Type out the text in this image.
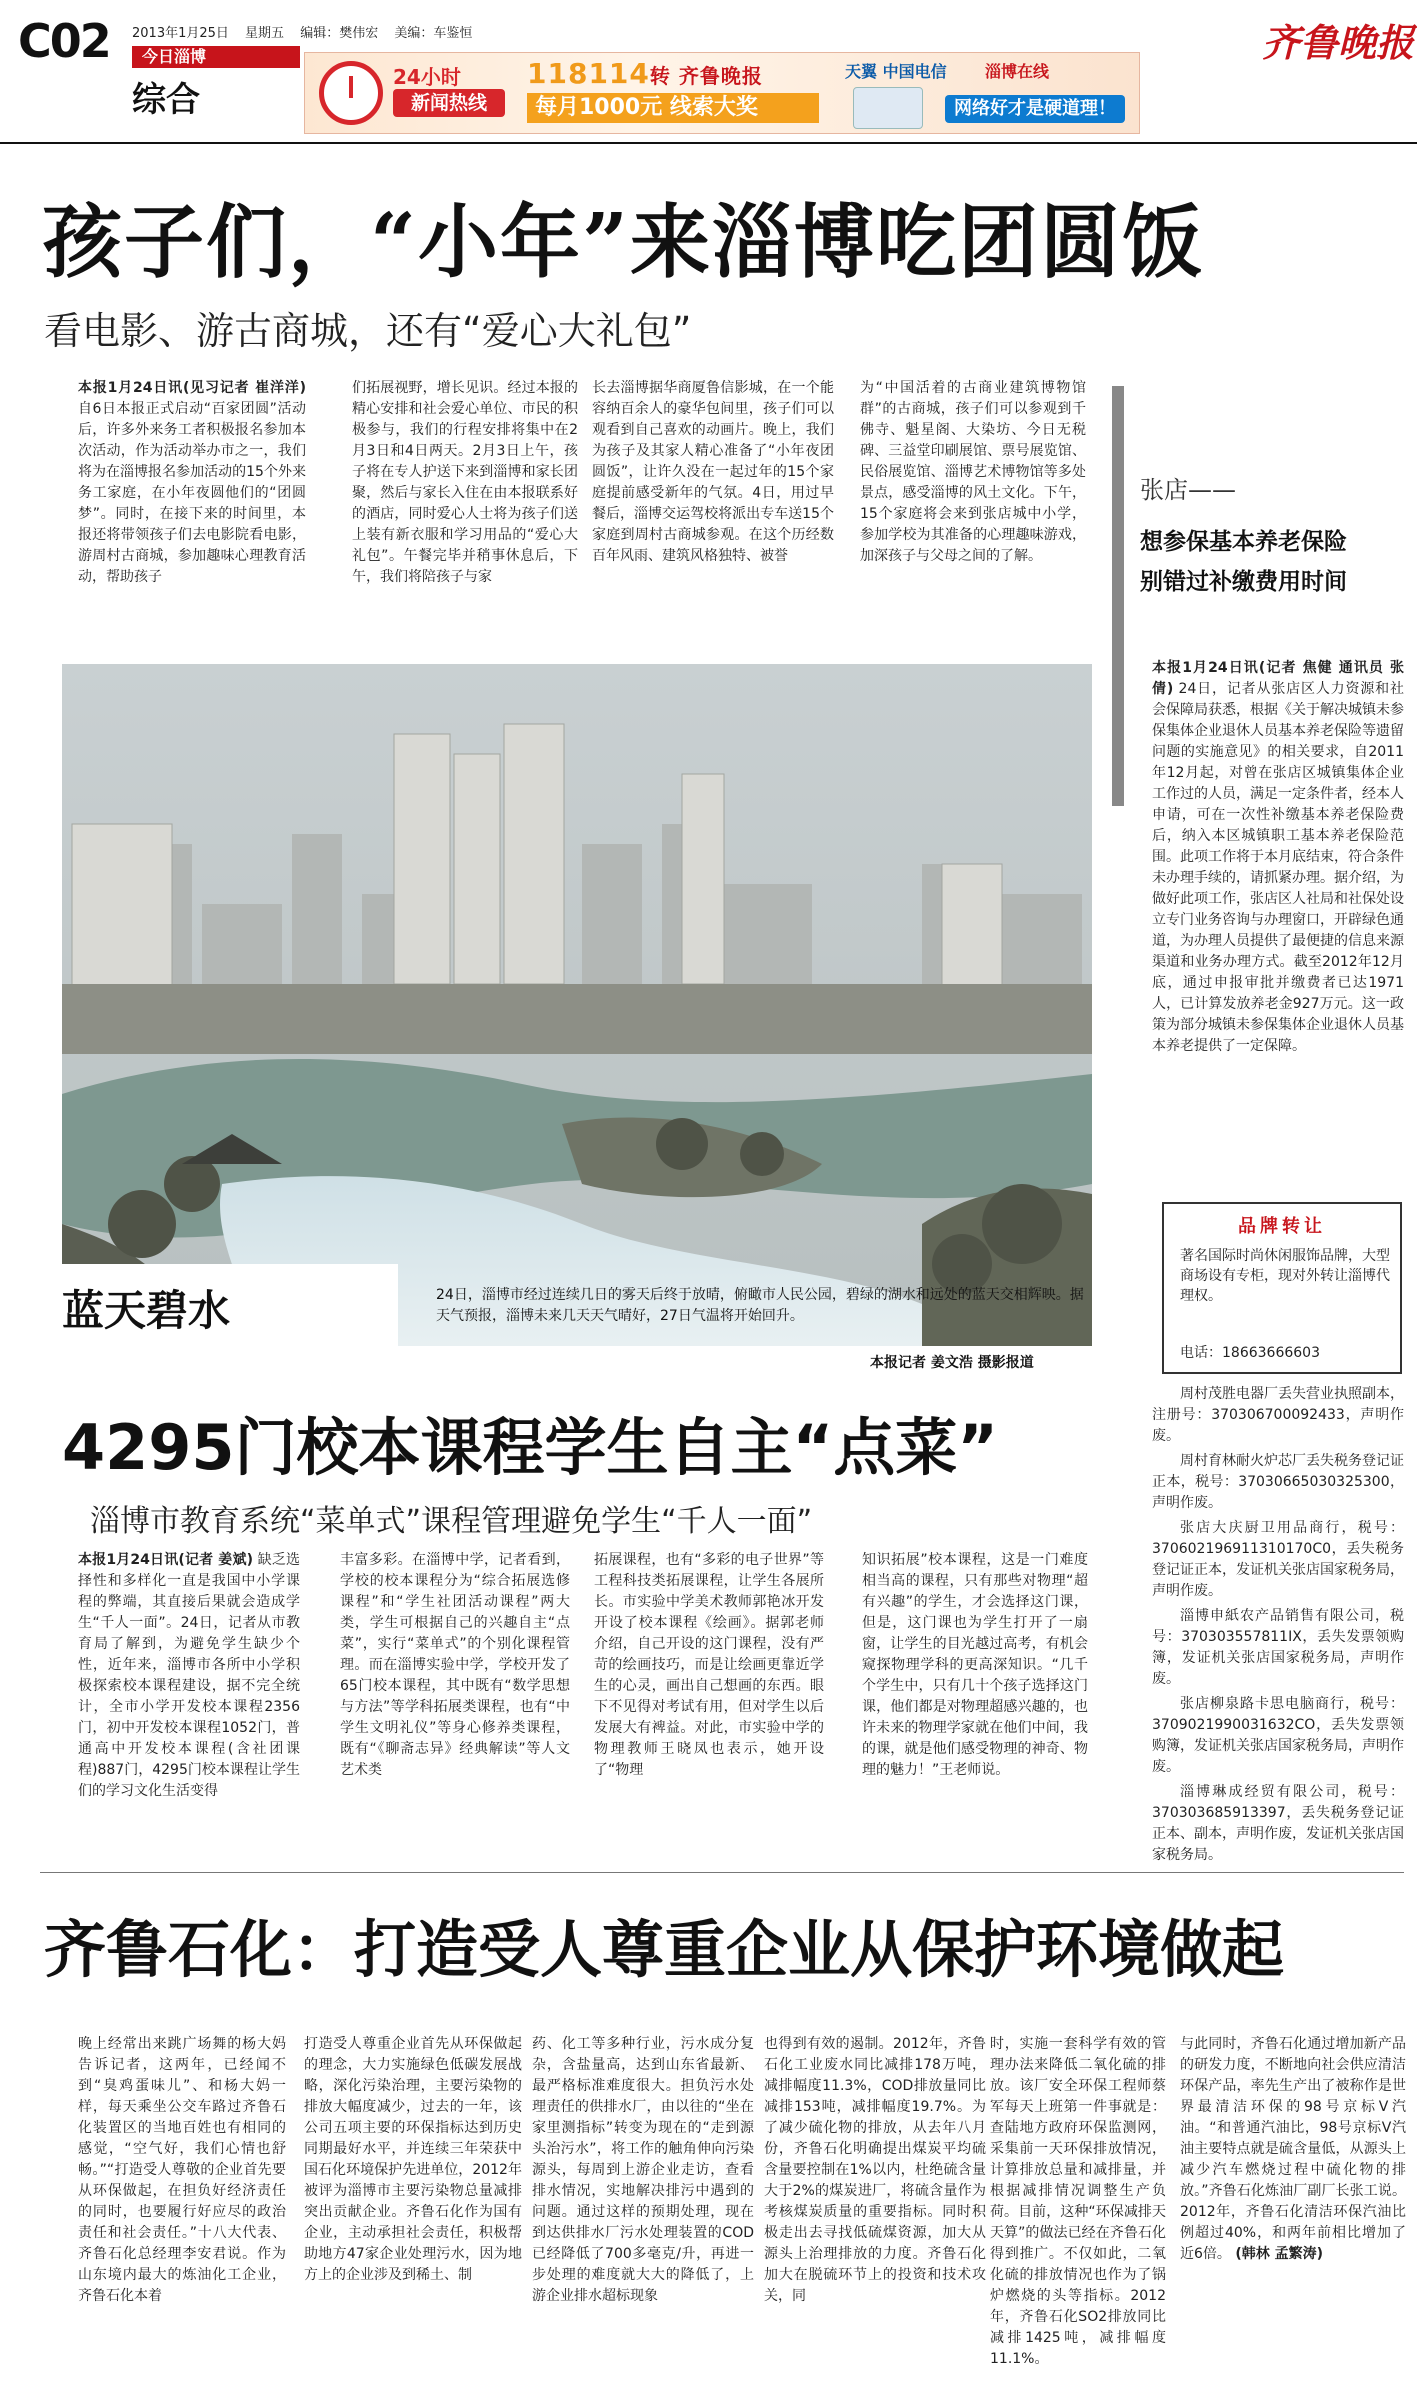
C02 2013年1月25日 星期五 编辑：樊伟宏 美编：车鉴恒
今日淄博
综合
齐鲁晚报
24小时
新闻热线
118114转 齐鲁晚报
每月1000元 线索大奖
天翼 中国电信 淄博在线
网络好才是硬道理！
孩子们，“小年”来淄博吃团圆饭
看电影、游古商城，还有“爱心大礼包”
本报1月24日讯(见习记者 崔洋洋) 自6日本报正式启动“百家团圆”活动后，许多外来务工者积极报名参加本次活动，作为活动举办市之一，我们将为在淄博报名参加活动的15个外来务工家庭，在小年夜圆他们的“团圆梦”。同时，在接下来的时间里，本报还将带领孩子们去电影院看电影，游周村古商城，参加趣味心理教育活动，帮助孩子
们拓展视野，增长见识。经过本报的精心安排和社会爱心单位、市民的积极参与，我们的行程安排将集中在2月3日和4日两天。2月3日上午，孩子将在专人护送下来到淄博和家长团聚，然后与家长入住在由本报联系好的酒店，同时爱心人士将为孩子们送上装有新衣服和学习用品的“爱心大礼包”。午餐完毕并稍事休息后，下午，我们将陪孩子与家
长去淄博据华商厦鲁信影城，在一个能容纳百余人的豪华包间里，孩子们可以观看到自己喜欢的动画片。晚上，我们为孩子及其家人精心准备了“小年夜团圆饭”，让许久没在一起过年的15个家庭提前感受新年的气氛。4日，用过早餐后，淄博交运驾校将派出专车送15个家庭到周村古商城参观。在这个历经数百年风雨、建筑风格独特、被誉
为“中国活着的古商业建筑博物馆群”的古商城，孩子们可以参观到千佛寺、魁星阁、大染坊、今日无税碑、三益堂印刷展馆、票号展览馆、民俗展览馆、淄博艺术博物馆等多处景点，感受淄博的风土文化。下午，15个家庭将会来到张店城中小学，参加学校为其准备的心理趣味游戏，加深孩子与父母之间的了解。
蓝天碧水	24日，淄博市经过连续几日的雾天后终于放晴，俯瞰市人民公园，碧绿的湖水和远处的蓝天交相辉映。据天气预报，淄博未来几天天气晴好，27日气温将开始回升。
本报记者 姜文浩 摄影报道
4295门校本课程学生自主“点菜”
淄博市教育系统“菜单式”课程管理避免学生“千人一面”
本报1月24日讯(记者 姜斌) 缺乏选择性和多样化一直是我国中小学课程的弊端，其直接后果就会造成学生“千人一面”。24日，记者从市教育局了解到，为避免学生缺少个性，近年来，淄博市各所中小学积极探索校本课程建设，据不完全统计，全市小学开发校本课程2356门，初中开发校本课程1052门，普通高中开发校本课程(含社团课程)887门，4295门校本课程让学生们的学习文化生活变得
丰富多彩。在淄博中学，记者看到，学校的校本课程分为“综合拓展选修课程”和“学生社团活动课程”两大类，学生可根据自己的兴趣自主“点菜”，实行“菜单式”的个别化课程管理。而在淄博实验中学，学校开发了65门校本课程，其中既有“数学思想与方法”等学科拓展类课程，也有“中学生文明礼仪”等身心修养类课程，既有“《聊斋志异》经典解读”等人文艺术类
拓展课程，也有“多彩的电子世界”等工程科技类拓展课程，让学生各展所长。市实验中学美术教师郭艳冰开发开设了校本课程《绘画》。据郭老师介绍，自己开设的这门课程，没有严苛的绘画技巧，而是让绘画更靠近学生的心灵，画出自己想画的东西。眼下不见得对考试有用，但对学生以后发展大有裨益。对此，市实验中学的物理教师王晓凤也表示，她开设了“物理
知识拓展”校本课程，这是一门难度相当高的课程，只有那些对物理“超有兴趣”的学生，才会选择这门课，但是，这门课也为学生打开了一扇窗，让学生的目光越过高考，有机会窥探物理学科的更高深知识。“几千个学生中，只有几十个孩子选择这门课，他们都是对物理超感兴趣的，也许未来的物理学家就在他们中间，我的课，就是他们感受物理的神奇、物理的魅力！”王老师说。
张店——
想参保基本养老保险
别错过补缴费用时间
本报1月24日讯(记者 焦健 通讯员 张倩) 24日，记者从张店区人力资源和社会保障局获悉，根据《关于解决城镇未参保集体企业退休人员基本养老保险等遗留问题的实施意见》的相关要求，自2011年12月起，对曾在张店区城镇集体企业工作过的人员，满足一定条件者，经本人申请，可在一次性补缴基本养老保险费后，纳入本区城镇职工基本养老保险范围。此项工作将于本月底结束，符合条件未办理手续的，请抓紧办理。据介绍，为做好此项工作，张店区人社局和社保处设立专门业务咨询与办理窗口，开辟绿色通道，为办理人员提供了最便捷的信息来源渠道和业务办理方式。截至2012年12月底，通过申报审批并缴费者已达1971人，已计算发放养老金927万元。这一政策为部分城镇未参保集体企业退休人员基本养老提供了一定保障。
品牌转让
著名国际时尚休闲服饰品牌，大型商场设有专柜，现对外转让淄博代理权。
电话：18663666603

周村茂胜电器厂丢失营业执照副本，注册号：370306700092433，声明作废。

周村育林耐火炉芯厂丢失税务登记证正本，税号：37030665030325300，声明作废。

张店大庆厨卫用品商行，税号：370602196911310170C0，丢失税务登记证正本，发证机关张店国家税务局，声明作废。

淄博申紙农产品销售有限公司，税号：370303557811IX，丢失发票领购簿，发证机关张店国家税务局，声明作废。

张店柳泉路卡思电脑商行，税号：3709021990031632CO，丢失发票领购簿，发证机关张店国家税务局，声明作废。

淄博琳成经贸有限公司，税号：370303685913397，丢失税务登记证正本、副本，声明作废，发证机关张店国家税务局。

齐鲁石化：打造受人尊重企业从保护环境做起
晚上经常出来跳广场舞的杨大妈告诉记者，这两年，已经闻不到“臭鸡蛋味儿”、和杨大妈一样，每天乘坐公交车路过齐鲁石化装置区的当地百姓也有相同的感觉，“空气好，我们心情也舒畅。”“打造受人尊敬的企业首先要从环保做起，在担负好经济责任的同时，也要履行好应尽的政治责任和社会责任。”十八大代表、齐鲁石化总经理李安君说。作为山东境内最大的炼油化工企业，齐鲁石化本着
打造受人尊重企业首先从环保做起的理念，大力实施绿色低碳发展战略，深化污染治理，主要污染物的排放大幅度减少，过去的一年，该公司五项主要的环保指标达到历史同期最好水平，并连续三年荣获中国石化环境保护先进单位，2012年被评为淄博市主要污染物总量减排突出贡献企业。齐鲁石化作为国有企业，主动承担社会责任，积极帮助地方47家企业处理污水，因为地方上的企业涉及到稀土、制
药、化工等多种行业，污水成分复杂，含盐量高，达到山东省最新、最严格标准难度很大。担负污水处理责任的供排水厂，由以往的“坐在家里测指标”转变为现在的“走到源头治污水”，将工作的触角伸向污染源头，每周到上游企业走访，查看排水情况，实地解决排污中遇到的问题。通过这样的预期处理，现在到达供排水厂污水处理装置的COD已经降低了700多毫克/升，再进一步处理的难度就大大的降低了，上游企业排水超标现象
也得到有效的遏制。2012年，齐鲁石化工业废水同比减排178万吨，减排幅度11.3%，COD排放量同比减排153吨，减排幅度19.7%。为了减少硫化物的排放，从去年八月份，齐鲁石化明确提出煤炭平均硫含量要控制在1%以内，杜绝硫含量大于2%的煤炭进厂，将硫含量作为考核煤炭质量的重要指标。同时积极走出去寻找低硫煤资源，加大从源头上治理排放的力度。齐鲁石化加大在脱硫环节上的投资和技术攻关，同
时，实施一套科学有效的管理办法来降低二氧化硫的排放。该厂安全环保工程师蔡军每天上班第一件事就是：查陆地方政府环保监测网，采集前一天环保排放情况，计算排放总量和减排量，并根据减排情况调整生产负荷。目前，这种“环保减排天天算”的做法已经在齐鲁石化得到推广。不仅如此，二氧化硫的排放情况也作为了锅炉燃烧的头等指标。2012年，齐鲁石化SO2排放同比减排1425吨，减排幅度11.1%。
与此同时，齐鲁石化通过增加新产品的研发力度，不断地向社会供应清洁环保产品，率先生产出了被称作是世界最清洁环保的98号京标V汽油。“和普通汽油比，98号京标V汽油主要特点就是硫含量低，从源头上减少汽车燃烧过程中硫化物的排放。”齐鲁石化炼油厂副厂长张工说。2012年，齐鲁石化清洁环保汽油比例超过40%，和两年前相比增加了近6倍。 (韩林 孟繁涛)
